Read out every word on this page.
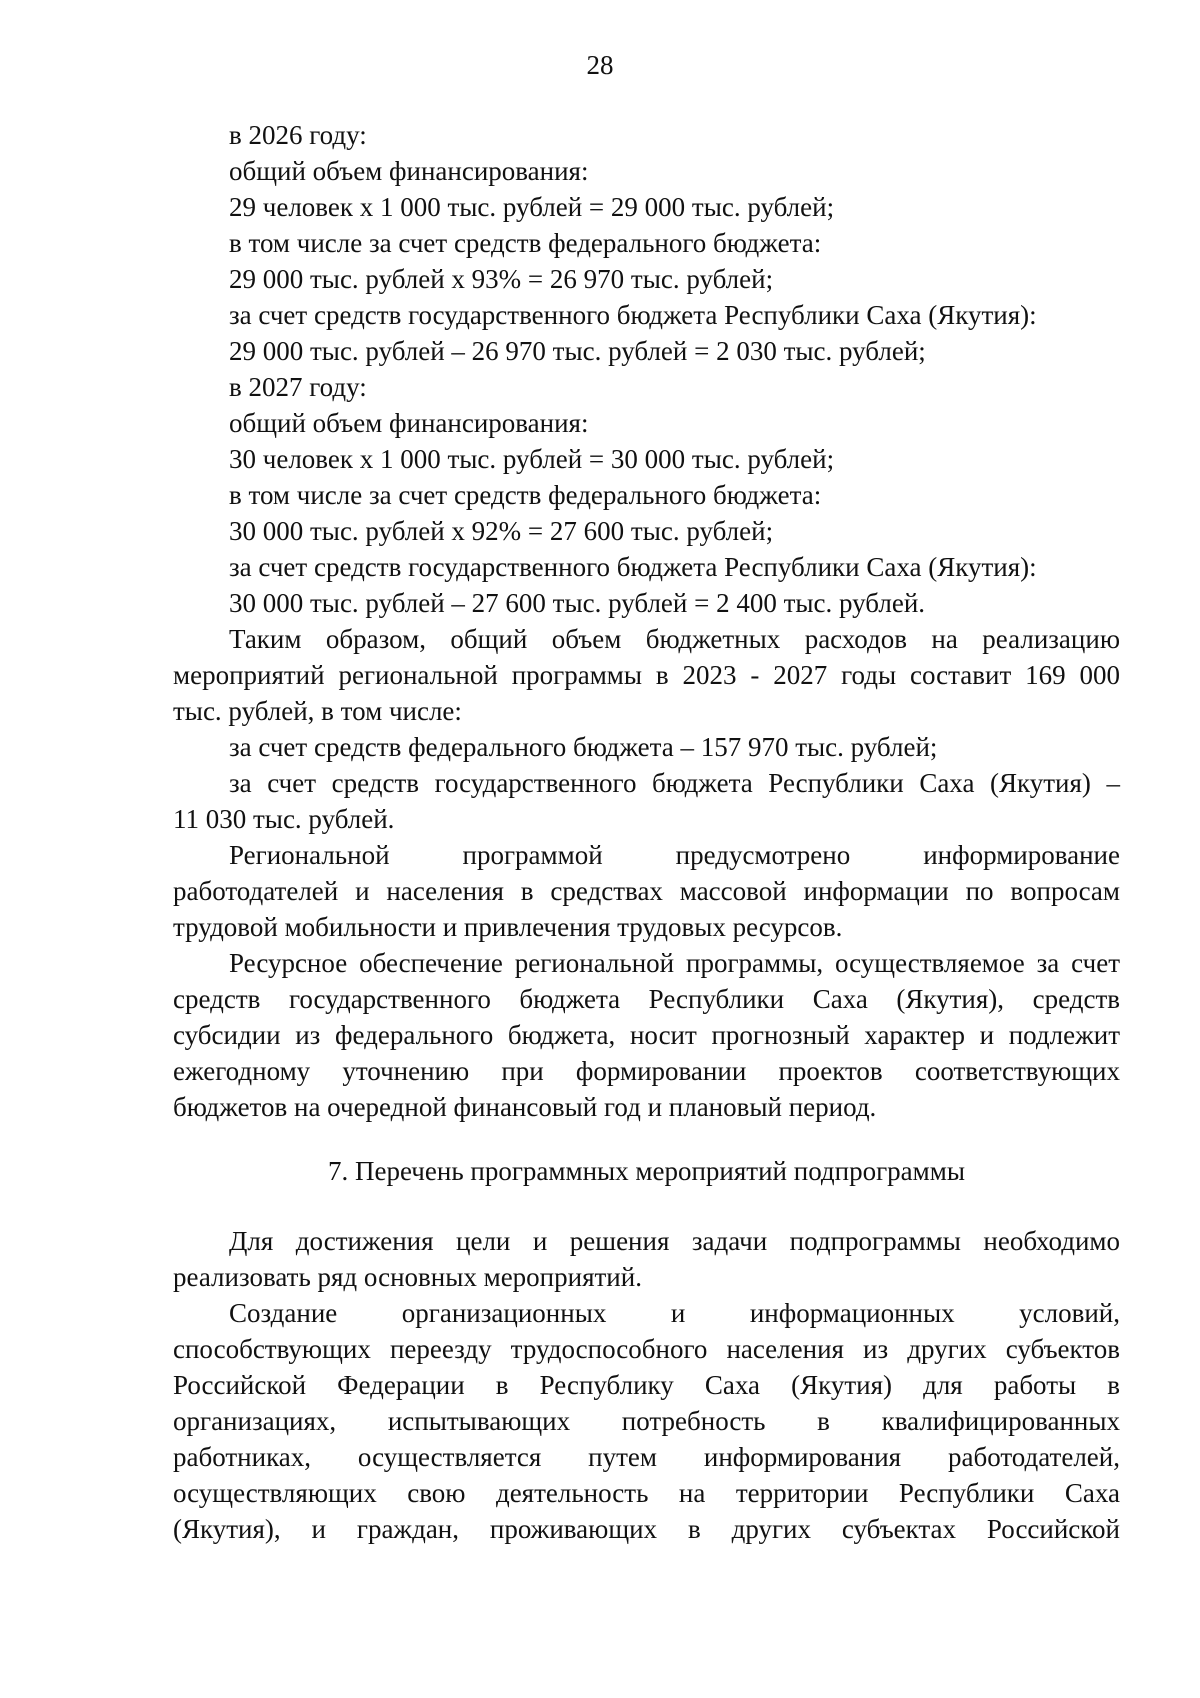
28
в 2026 году:
общий объем финансирования:
29 человек х 1 000 тыс. рублей = 29 000 тыс. рублей;
в том числе за счет средств федерального бюджета:
29 000 тыс. рублей х 93% = 26 970 тыс. рублей;
за счет средств государственного бюджета Республики Саха (Якутия):
29 000 тыс. рублей – 26 970 тыс. рублей = 2 030 тыс. рублей;
в 2027 году:
общий объем финансирования:
30 человек х 1 000 тыс. рублей = 30 000 тыс. рублей;
в том числе за счет средств федерального бюджета:
30 000 тыс. рублей х 92% = 27 600 тыс. рублей;
за счет средств государственного бюджета Республики Саха (Якутия):
30 000 тыс. рублей – 27 600 тыс. рублей = 2 400 тыс. рублей.
Таким образом, общий объем бюджетных расходов на реализацию
мероприятий региональной программы в 2023 - 2027 годы составит 169 000
тыс. рублей, в том числе:
за счет средств федерального бюджета – 157 970 тыс. рублей;
за счет средств государственного бюджета Республики Саха (Якутия) –
11 030 тыс. рублей.
Региональной программой предусмотрено информирование
работодателей и населения в средствах массовой информации по вопросам
трудовой мобильности и привлечения трудовых ресурсов.
Ресурсное обеспечение региональной программы, осуществляемое за счет
средств государственного бюджета Республики Саха (Якутия), средств
субсидии из федерального бюджета, носит прогнозный характер и подлежит
ежегодному уточнению при формировании проектов соответствующих
бюджетов на очередной финансовый год и плановый период.
7. Перечень программных мероприятий подпрограммы
Для достижения цели и решения задачи подпрограммы необходимо
реализовать ряд основных мероприятий.
Создание организационных и информационных условий,
способствующих переезду трудоспособного населения из других субъектов
Российской Федерации в Республику Саха (Якутия) для работы в
организациях, испытывающих потребность в квалифицированных
работниках, осуществляется путем информирования работодателей,
осуществляющих свою деятельность на территории Республики Саха
(Якутия), и граждан, проживающих в других субъектах Российской
